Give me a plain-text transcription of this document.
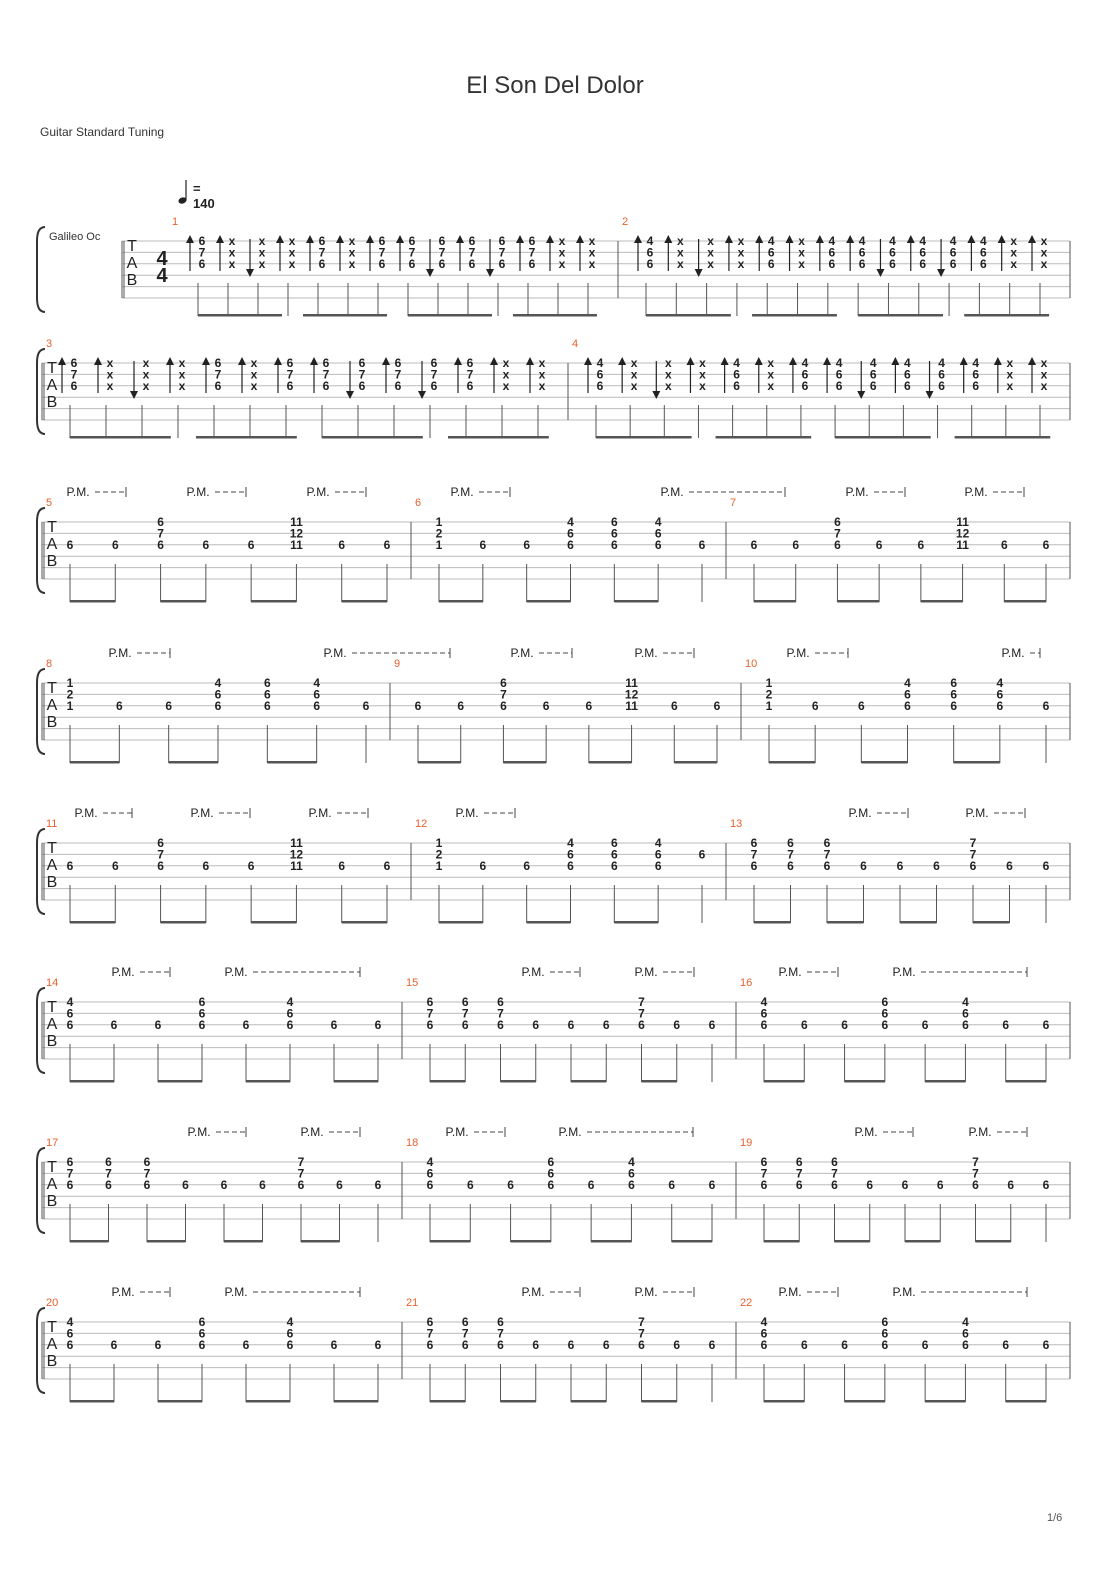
El Son Del Dolor
Guitar Standard Tuning
= 140
Galileo Oc
1/6
T
A
B
4
4
1
6
7
6
x
x
x
x
x
x
x
x
x
6
7
6
x
x
x
6
7
6
6
7
6
6
7
6
6
7
6
6
7
6
6
7
6
x
x
x
x
x
x
2
4
6
6
x
x
x
x
x
x
x
x
x
4
6
6
x
x
x
4
6
6
4
6
6
4
6
6
4
6
6
4
6
6
4
6
6
x
x
x
x
x
x
T
A
B
3
6
7
6
x
x
x
x
x
x
x
x
x
6
7
6
x
x
x
6
7
6
6
7
6
6
7
6
6
7
6
6
7
6
6
7
6
x
x
x
x
x
x
4
4
6
6
x
x
x
x
x
x
x
x
x
4
6
6
x
x
x
4
6
6
4
6
6
4
6
6
4
6
6
4
6
6
4
6
6
x
x
x
x
x
x
T
A
B
P.M.	P.M.	P.M.	P.M.	P.M.	P.M.	P.M.
5
6	6
6
7
6	6	6
11
12
11	6	6
6
1
2
1	6	6
4
6
6
6
6
6
4
6
6	6
7
6	6
6
7
6	6	6
11
12
11	6	6
T
A
B
P.M.	P.M.	P.M.	P.M.	P.M.	P.M.
8
1
2
1	6	6
4
6
6
6
6
6
4
6
6	6
9
6	6
6
7
6	6	6
11
12
11	6	6
10
1
2
1	6	6
4
6
6
6
6
6
4
6
6	6
T
A
B
P.M.	P.M.	P.M.	P.M.	P.M.	P.M.
11
6	6
6
7
6	6	6
11
12
11	6	6
12
1
2
1	6	6
4
6
6
6
6
6
4
6
6
6
13
6
7
6
6
7
6
6
7
6 6 6 6
7
7
6 6 6
T
A
B
P.M.	P.M.	P.M.	P.M.	P.M.	P.M.
14
4
6
6	6	6
6
6
6	6
4
6
6	6	6
15
6
7
6
6
7
6
6
7
6 6 6 6
7
7
6 6 6
16
4
6
6	6	6
6
6
6	6
4
6
6	6	6
T
A
B
P.M.	P.M.	P.M.	P.M.	P.M.	P.M.
17
6
7
6
6
7
6
6
7
6	6	6	6
7
7
6	6	6
18
4
6
6	6	6
6
6
6	6
4
6
6	6	6
19
6
7
6
6
7
6
6
7
6 6 6 6
7
7
6 6 6
T
A
B
P.M.	P.M.	P.M.	P.M.	P.M.	P.M.
20
4
6
6	6	6
6
6
6	6
4
6
6	6	6
21
6
7
6
6
7
6
6
7
6 6 6 6
7
7
6 6 6
22
4
6
6	6	6
6
6
6	6
4
6
6	6	6
